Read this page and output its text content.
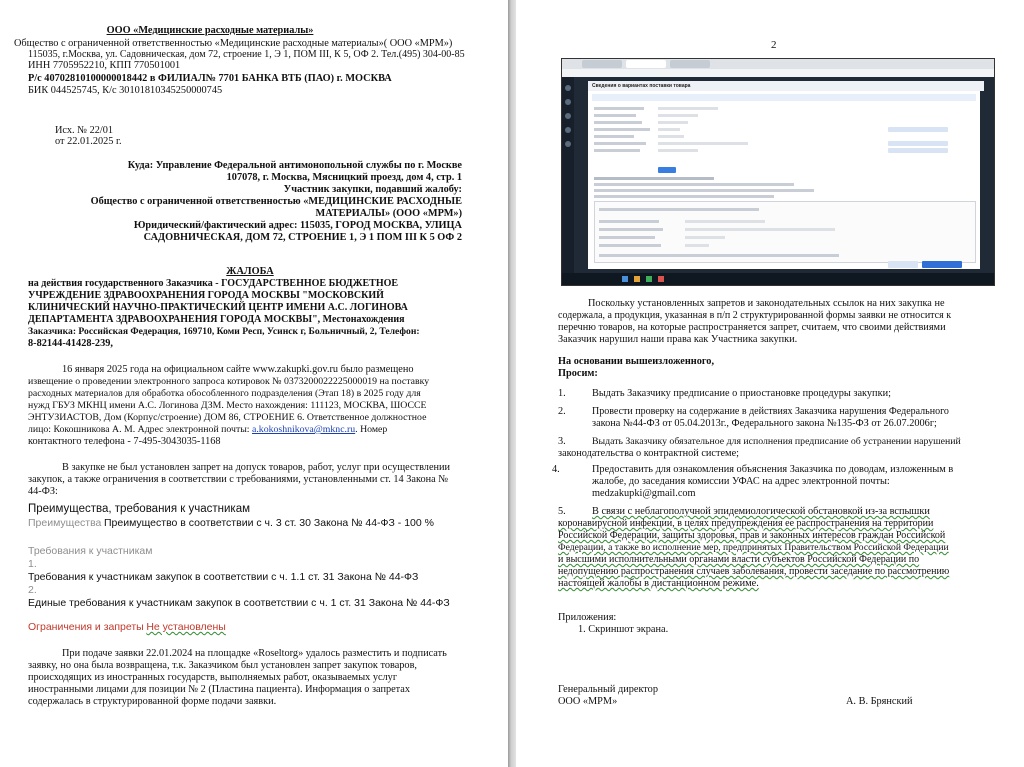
ООО «Медицинские расходные материалы»
Общество с ограниченной ответственностью «Медицинские расходные материалы»( ООО «МРМ»)
115035, г.Москва, ул. Садовническая, дом 72, строение 1, Э 1, ПОМ III, К 5, ОФ 2. Тел.(495) 304-00-85
ИНН 7705952210, КПП 770501001
Р/с 40702810100000018442 в ФИЛИАЛ№ 7701 БАНКА ВТБ (ПАО) г. МОСКВА
БИК 044525745, К/с 30101810345250000745
Исх. № 22/01
от 22.01.2025 г.
Куда: Управление Федеральной антимонопольной службы по г. Москве
107078, г. Москва, Мясницкий проезд, дом 4, стр. 1
Участник закупки, подавший жалобу:
Общество с ограниченной ответственностью «МЕДИЦИНСКИЕ РАСХОДНЫЕ
МАТЕРИАЛЫ» (ООО «МРМ»)
Юридический/фактический адрес: 115035, ГОРОД МОСКВА, УЛИЦА
САДОВНИЧЕСКАЯ, ДОМ 72, СТРОЕНИЕ 1, Э 1 ПОМ III К 5 ОФ 2
ЖАЛОБА
на действия государственного Заказчика - ГОСУДАРСТВЕННОЕ БЮДЖЕТНОЕ
УЧРЕЖДЕНИЕ ЗДРАВООХРАНЕНИЯ ГОРОДА МОСКВЫ "МОСКОВСКИЙ
КЛИНИЧЕСКИЙ НАУЧНО-ПРАКТИЧЕСКИЙ ЦЕНТР ИМЕНИ А.С. ЛОГИНОВА
ДЕПАРТАМЕНТА ЗДРАВООХРАНЕНИЯ ГОРОДА МОСКВЫ", Местонахождения
Заказчика: Российская Федерация, 169710, Коми Респ, Усинск г, Больничный, 2, Телефон:
8-82144-41428-239,
16 января 2025 года на официальном сайте www.zakupki.gov.ru было размещено
извещение о проведении электронного запроса котировок № 0373200022225000019 на поставку
расходных материалов для обработка обособленного подразделения (Этап 18) в 2025 году для
нужд ГБУЗ МКНЦ имени А.С. Логинова ДЗМ. Место нахождения: 111123, МОСКВА, ШОССЕ
ЭНТУЗИАСТОВ, Дом (Корпус/строение) ДОМ 86, СТРОЕНИЕ 6. Ответственное должностное
лицо: Кокошникова А. М. Адрес электронной почты: a.kokoshnikova@mknc.ru. Номер
контактного телефона - 7-495-3043035-1168
В закупке не был установлен запрет на допуск товаров, работ, услуг при осуществлении
закупок, а также ограничения в соответствии с требованиями, установленными ст. 14 Закона №
44-ФЗ:
Преимущества, требования к участникам
Преимущества Преимущество в соответствии с ч. 3 ст. 30 Закона № 44-ФЗ - 100 %
Требования к участникам
1.
Требования к участникам закупок в соответствии с ч. 1.1 ст. 31 Закона № 44-ФЗ
2.
Единые требования к участникам закупок в соответствии с ч. 1 ст. 31 Закона № 44-ФЗ
Ограничения и запреты Не установлены
При подаче заявки 22.01.2024 на площадке «Roseltorg» удалось разместить и подписать
заявку, но она была возвращена, т.к. Заказчиком был установлен запрет закупок товаров,
происходящих из иностранных государств, выполняемых работ, оказываемых услуг
иностранными лицами для позиции № 2 (Пластина пациента). Информация о запретах
содержалась в структурированной форме подачи заявки.
2
Сведения о вариантах поставки товара
Поскольку установленных запретов и законодательных ссылок на них закупка не
содержала, а продукция, указанная в п/п 2 структурированной формы заявки не относится к
перечню товаров, на которые распространяется запрет, считаем, что своими действиями
Заказчик нарушил наши права как Участника закупки.
На основании вышеизложенного,
Просим:
1.	Выдать Заказчику предписание о приостановке процедуры закупки;
2.	Провести проверку на содержание в действиях Заказчика нарушения Федерального
закона №44-ФЗ от 05.04.2013г., Федерального закона №135-ФЗ от 26.07.2006г;
3.	Выдать Заказчику обязательное для исполнения предписание об устранении нарушений
законодательства о контрактной системе;
4.	Предоставить для ознакомления объяснения Заказчика по доводам, изложенным в
жалобе, до заседания комиссии УФАС на адрес электронной почты:
medzakupki@gmail.com
5.	В связи с неблагополучной эпидемиологической обстановкой из-за вспышки
коронавирусной инфекции, в целях предупреждения ее распространения на территории
Российской Федерации, защиты здоровья, прав и законных интересов граждан Российской
Федерации, а также во исполнение мер, предпринятых Правительством Российской Федерации
и высшими исполнительными органами власти субъектов Российской Федерации по
недопущению распространения случаев заболевания, провести заседание по рассмотрению
настоящей жалобы в дистанционном режиме.
Приложения:
1. Скриншот экрана.
Генеральный директор
ООО «МРМ»	А. В. Брянский
